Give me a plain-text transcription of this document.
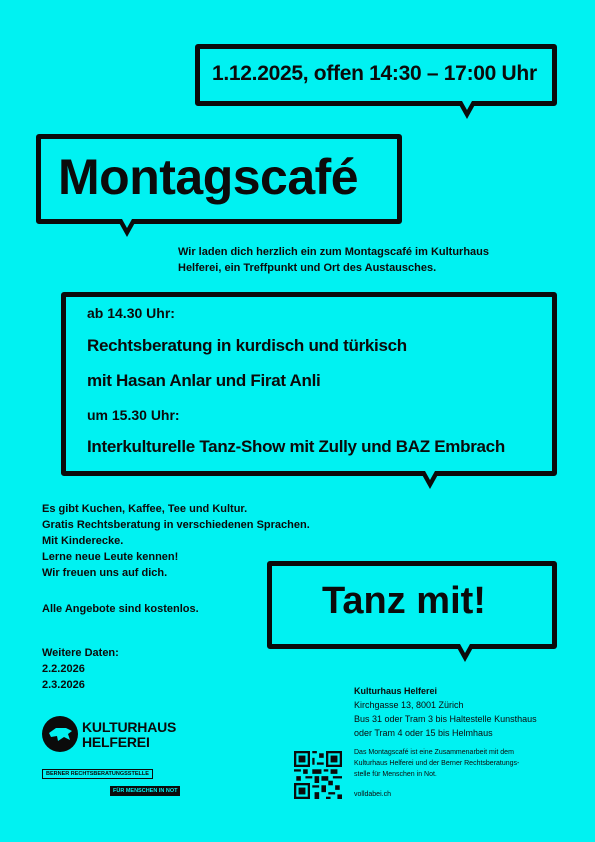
1.12.2025, offen 14:30 – 17:00 Uhr
Montagscafé
Wir laden dich herzlich ein zum Montagscafé im Kulturhaus
Helferei, ein Treffpunkt und Ort des Austausches.
ab 14.30 Uhr:
Rechtsberatung in kurdisch und türkisch
mit Hasan Anlar und Firat Anli
um 15.30 Uhr:
Interkulturelle Tanz-Show mit Zully und BAZ Embrach
Es gibt Kuchen, Kaffee, Tee und Kultur.
Gratis Rechtsberatung in verschiedenen Sprachen.
Mit Kinderecke.
Lerne neue Leute kennen!
Wir freuen uns auf dich.
Alle Angebote sind kostenlos.
Weitere Daten:
2.2.2026
2.3.2026
Tanz mit!
Kulturhaus Helferei
Kirchgasse 13, 8001 Zürich
Bus 31 oder Tram 3 bis Haltestelle Kunsthaus
oder Tram 4 oder 15 bis Helmhaus
Das Montagscafé ist eine Zusammenarbeit mit dem
Kulturhaus Helferei und der Berner Rechtsberatungs-
stelle für Menschen in Not.
volldabei.ch
KULTURHAUS
HELFEREI
BERNER RECHTSBERATUNGSSTELLE
FÜR MENSCHEN IN NOT
